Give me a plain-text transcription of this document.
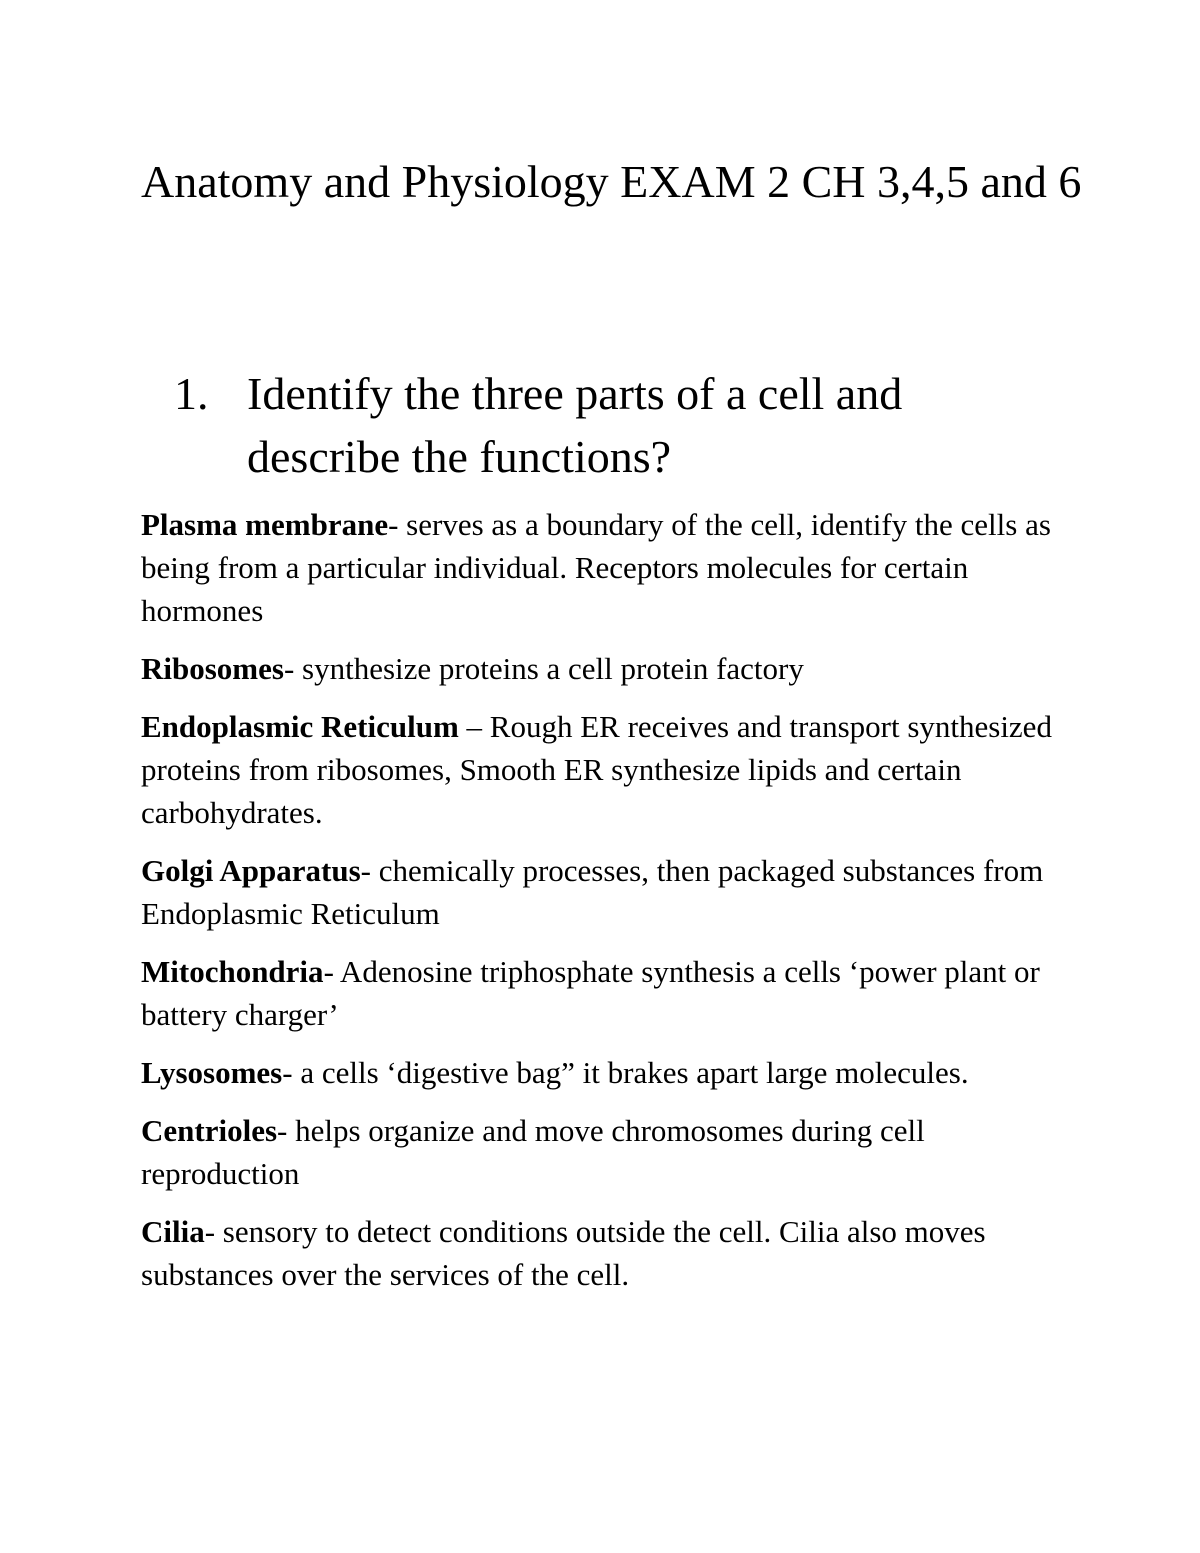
Anatomy and Physiology EXAM 2 CH 3,4,5 and 6
1. Identify the three parts of a cell and describe the functions?

Plasma membrane- serves as a boundary of the cell, identify the cells as being from a particular individual. Receptors molecules for certain hormones

Ribosomes- synthesize proteins a cell protein factory

Endoplasmic Reticulum – Rough ER receives and transport synthesized proteins from ribosomes, Smooth ER synthesize lipids and certain carbohydrates.

Golgi Apparatus- chemically processes, then packaged substances from Endoplasmic Reticulum

Mitochondria- Adenosine triphosphate synthesis a cells ‘power plant or battery charger’

Lysosomes- a cells ‘digestive bag” it brakes apart large molecules.

Centrioles- helps organize and move chromosomes during cell reproduction

Cilia- sensory to detect conditions outside the cell. Cilia also moves substances over the services of the cell.
